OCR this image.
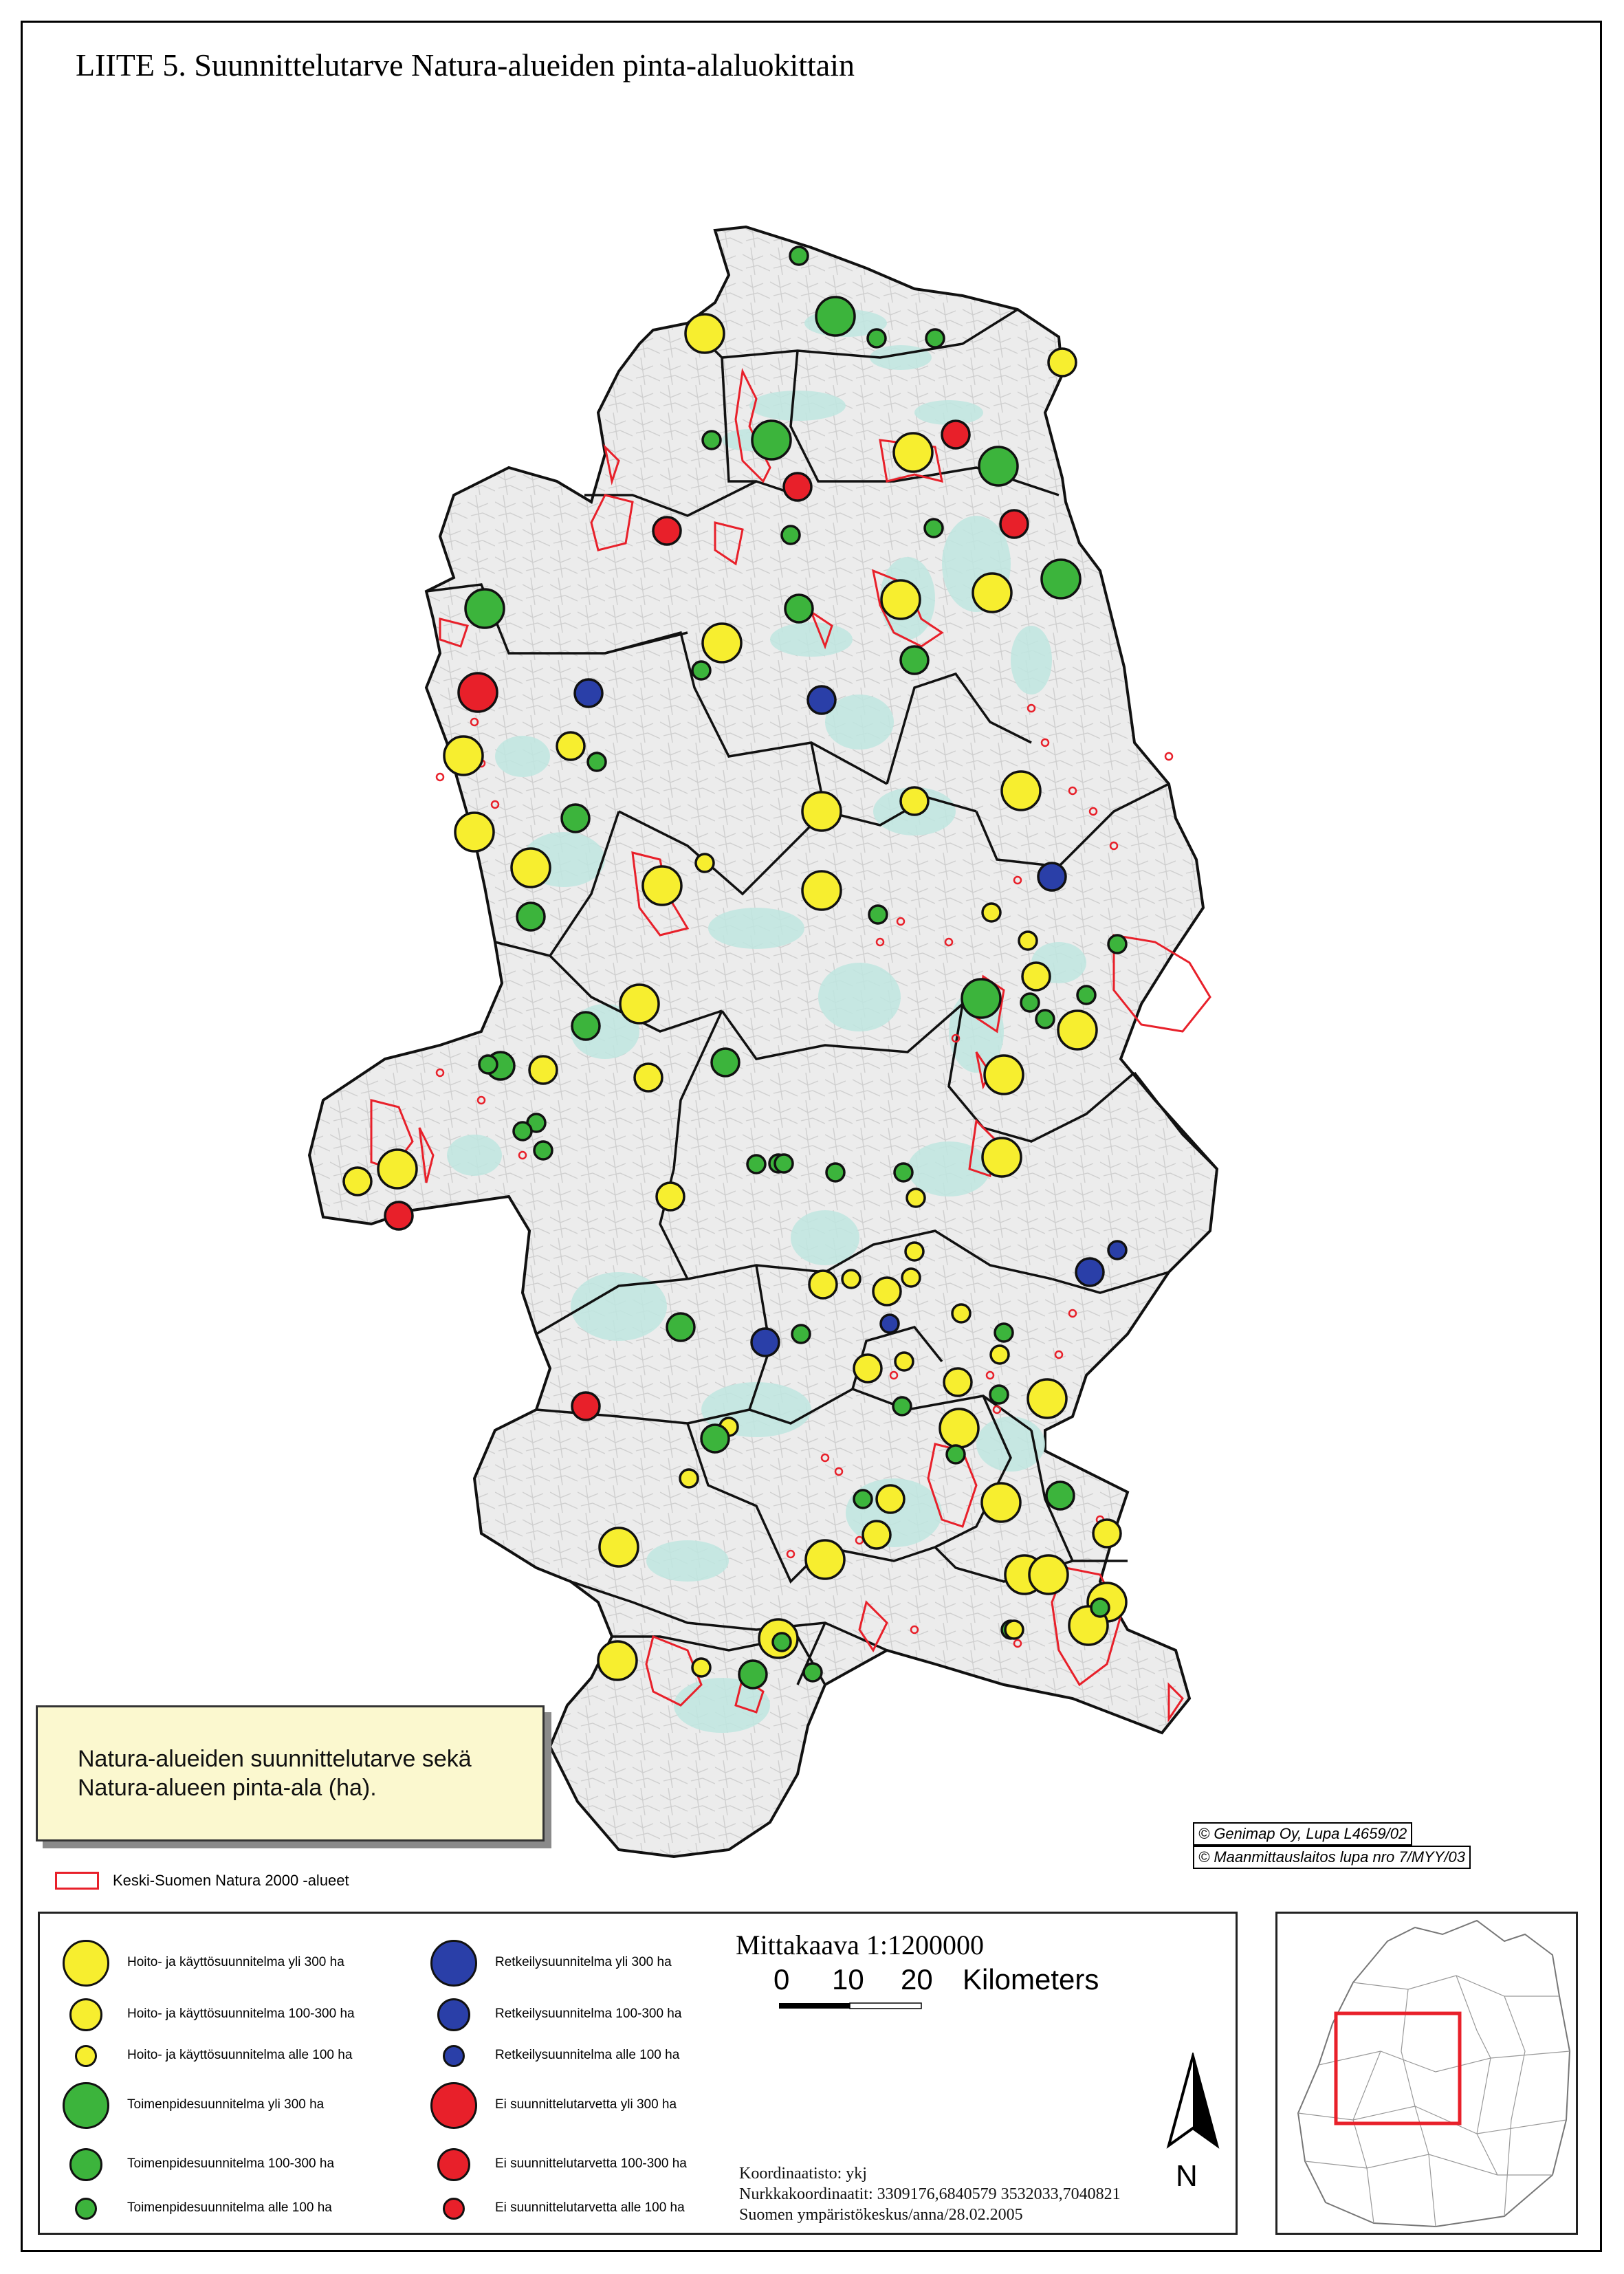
LIITE 5. Suunnittelutarve Natura-alueiden pinta-alaluokittain
Natura-alueiden suunnittelutarve sekä
Natura-alueen pinta-ala (ha).
© Genimap Oy, Lupa L4659/02
© Maanmittauslaitos lupa nro 7/MYY/03
Keski-Suomen Natura 2000 -alueet
Hoito- ja käyttösuunnitelma yli 300 ha
Hoito- ja käyttösuunnitelma 100-300 ha
Hoito- ja käyttösuunnitelma alle 100 ha
Toimenpidesuunnitelma yli 300 ha
Toimenpidesuunnitelma 100-300 ha
Toimenpidesuunnitelma alle 100 ha
Retkeilysuunnitelma yli 300 ha
Retkeilysuunnitelma 100-300 ha
Retkeilysuunnitelma alle 100 ha
Ei suunnittelutarvetta yli 300 ha
Ei suunnittelutarvetta 100-300 ha
Ei suunnittelutarvetta alle 100 ha
Mittakaava 1:1200000
0 10 20 Kilometers
Koordinaatisto: ykj
Nurkkakoordinaatit: 3309176,6840579 3532033,7040821
Suomen ympäristökeskus/anna/28.02.2005
N
